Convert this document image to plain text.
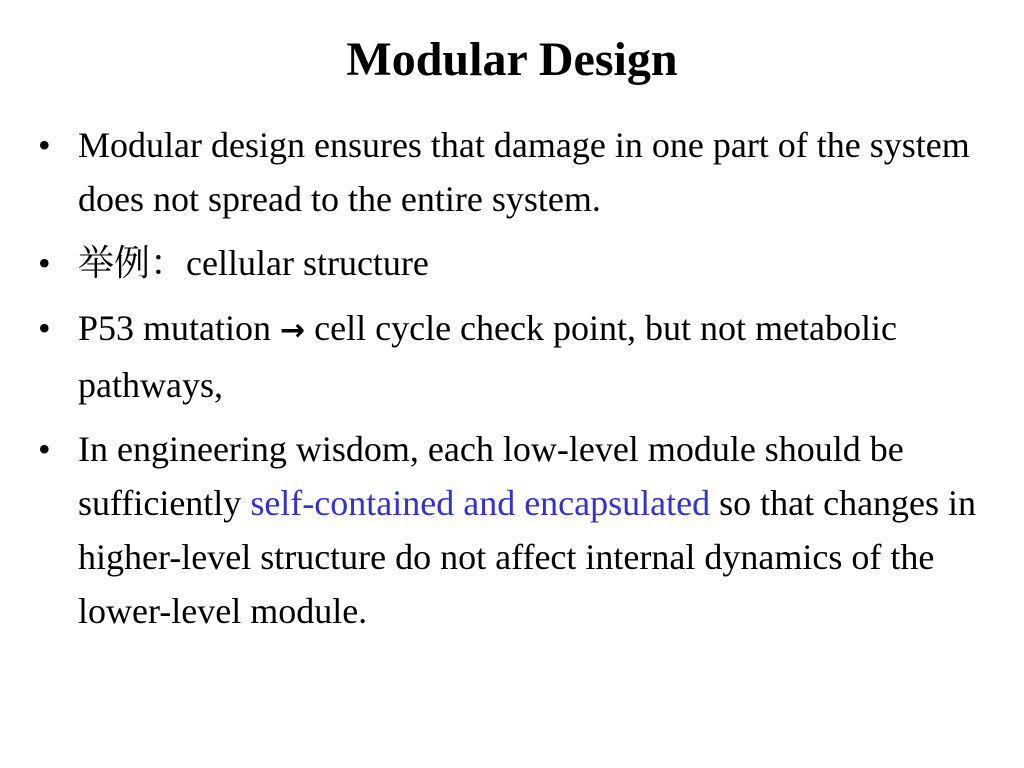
Modular Design
• Modular design ensures that damage in one part of the system does not spread to the entire system.
• 举例：cellular structure
• P53 mutation → cell cycle check point, but not metabolic pathways,
• In engineering wisdom, each low-level module should be sufficiently self-contained and encapsulated so that changes in higher-level structure do not affect internal dynamics of the lower-level module.
